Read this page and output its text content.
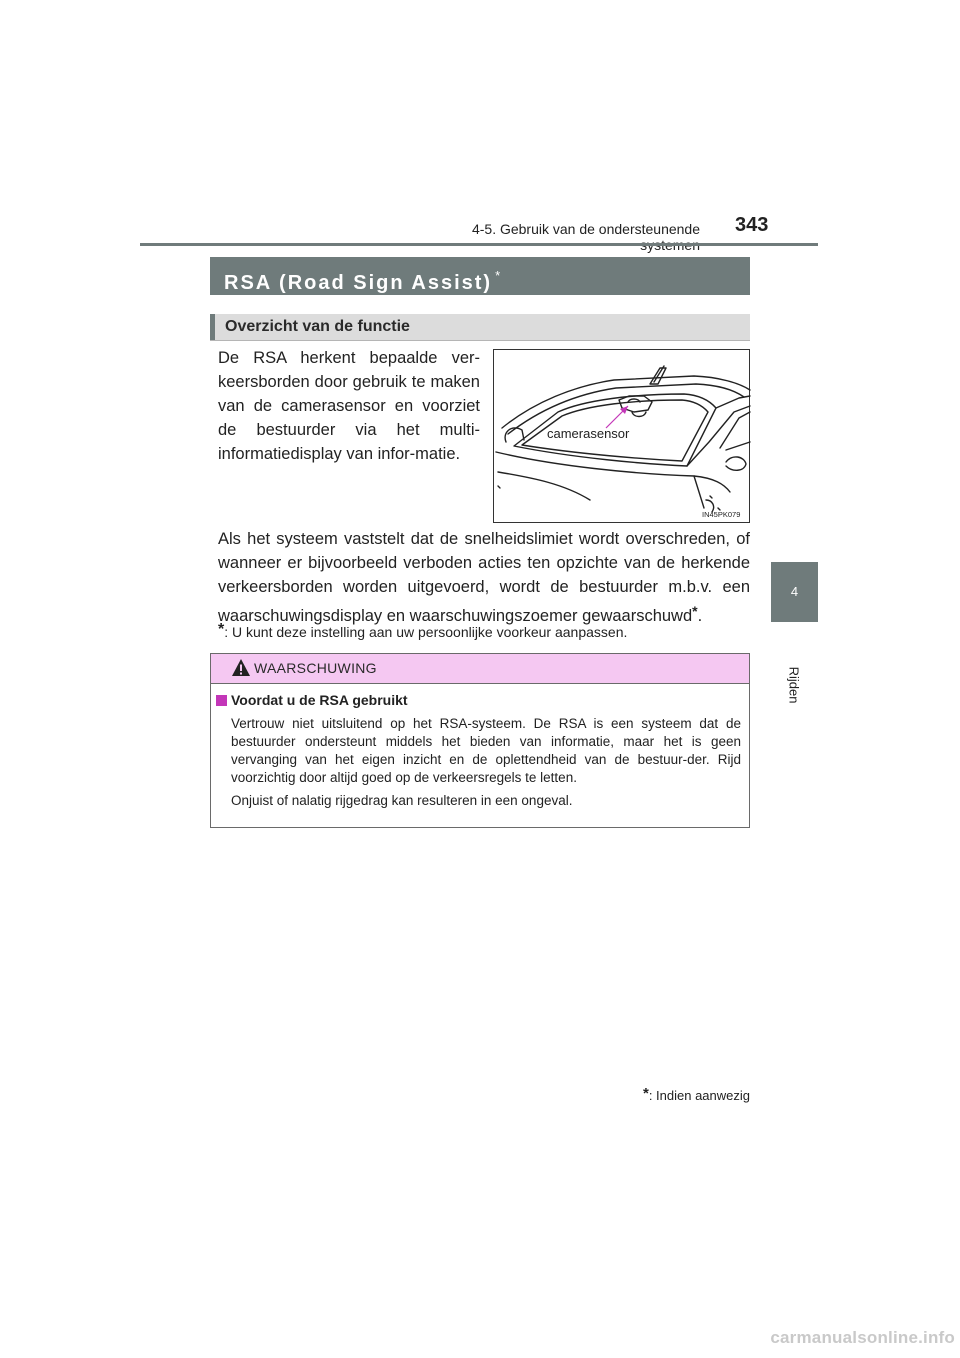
4-5. Gebruik van de ondersteunende 343
4
Rijden
RSA (Road Sign Assist) *
Overzicht van de functie
De RSA herkent bepaalde ver-keersborden door gebruik te maken van de camerasensor en voorziet de bestuurder via het multi-informatiedisplay van infor-matie.
camerasensor
IN45PK079
Als het systeem vaststelt dat de snelheidslimiet wordt overschreden, of wanneer er bijvoorbeeld verboden acties ten opzichte van de herkende verkeersborden worden uitgevoerd, wordt de bestuurder m.b.v. een waarschuwingsdisplay en waarschuwingszoemer gewaarschuwd*.
*: U kunt deze instelling aan uw persoonlijke voorkeur aanpassen.
WAARSCHUWING
Voordat u de RSA gebruikt
Vertrouw niet uitsluitend op het RSA-systeem. De RSA is een systeem dat de bestuurder ondersteunt middels het bieden van informatie, maar het is geen vervanging van het eigen inzicht en de oplettendheid van de bestuur-der. Rijd voorzichtig door altijd goed op de verkeersregels te letten.
Onjuist of nalatig rijgedrag kan resulteren in een ongeval.
*: Indien aanwezig
carmanualsonline.info
